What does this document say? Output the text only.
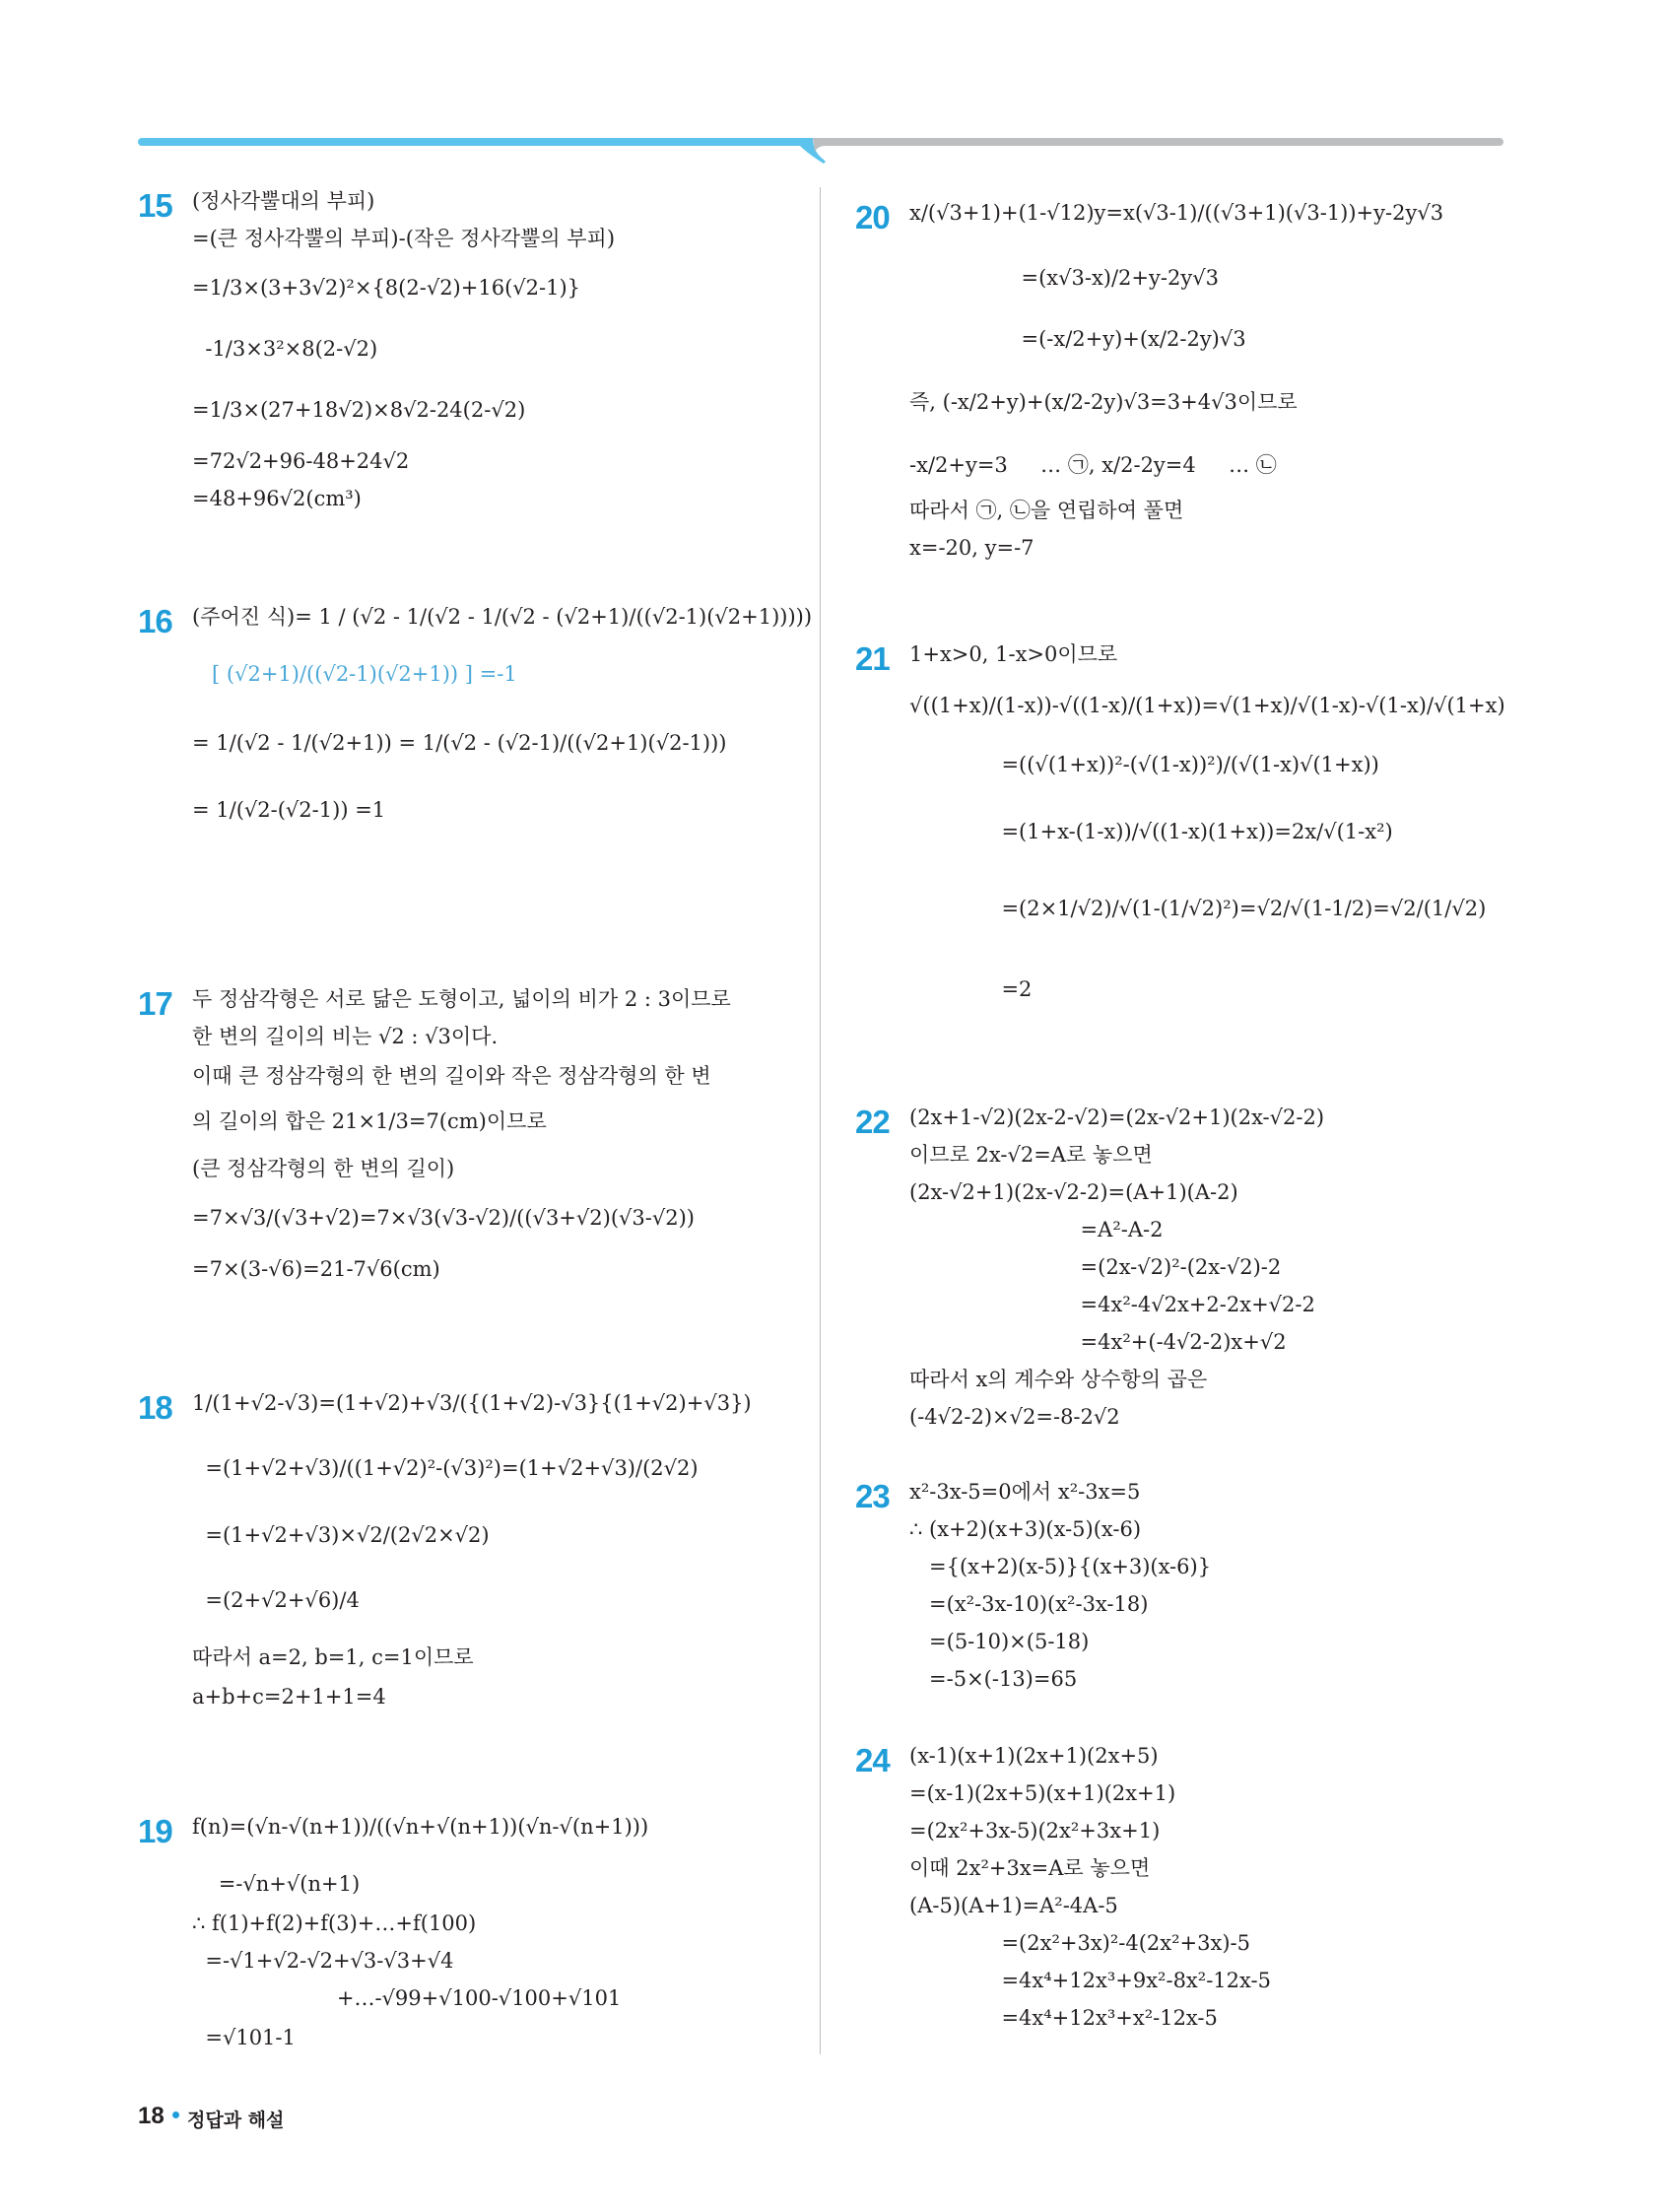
15 (정사각뿔대의 부피)
=(큰 정사각뿔의 부피)-(작은 정사각뿔의 부피)
=1/3×(3+3√2)²×{8(2-√2)+16(√2-1)}
-1/3×3²×8(2-√2)
=1/3×(27+18√2)×8√2-24(2-√2)
=72√2+96-48+24√2
=48+96√2(cm³)
16 (주어진 식)= 1 / (√2 - 1/(√2 - 1/(√2 - (√2+1)/((√2-1)(√2+1)))))
[ (√2+1)/((√2-1)(√2+1)) ] =-1
= 1/(√2 - 1/(√2+1)) = 1/(√2 - (√2-1)/((√2+1)(√2-1)))
= 1/(√2-(√2-1)) =1
17 두 정삼각형은 서로 닮은 도형이고, 넓이의 비가 2 : 3이므로
한 변의 길이의 비는 √2 : √3이다.
이때 큰 정삼각형의 한 변의 길이와 작은 정삼각형의 한 변
의 길이의 합은 21×1/3=7(cm)이므로
(큰 정삼각형의 한 변의 길이)
=7×√3/(√3+√2)=7×√3(√3-√2)/((√3+√2)(√3-√2))
=7×(3-√6)=21-7√6(cm)
18 1/(1+√2-√3)=(1+√2)+√3/({(1+√2)-√3}{(1+√2)+√3})
=(1+√2+√3)/((1+√2)²-(√3)²)=(1+√2+√3)/(2√2)
=(1+√2+√3)×√2/(2√2×√2)
=(2+√2+√6)/4
따라서 a=2, b=1, c=1이므로
a+b+c=2+1+1=4
19 f(n)=(√n-√(n+1))/((√n+√(n+1))(√n-√(n+1)))
=-√n+√(n+1)
∴ f(1)+f(2)+f(3)+…+f(100)
=-√1+√2-√2+√3-√3+√4
+…-√99+√100-√100+√101
=√101-1
20 x/(√3+1)+(1-√12)y=x(√3-1)/((√3+1)(√3-1))+y-2y√3
=(x√3-x)/2+y-2y√3
=(-x/2+y)+(x/2-2y)√3
즉, (-x/2+y)+(x/2-2y)√3=3+4√3이므로
-x/2+y=3     … ㉠, x/2-2y=4     … ㉡
따라서 ㉠, ㉡을 연립하여 풀면
x=-20, y=-7
21 1+x>0, 1-x>0이므로
√((1+x)/(1-x))-√((1-x)/(1+x))=√(1+x)/√(1-x)-√(1-x)/√(1+x)
=((√(1+x))²-(√(1-x))²)/(√(1-x)√(1+x))
=(1+x-(1-x))/√((1-x)(1+x))=2x/√(1-x²)
=(2×1/√2)/√(1-(1/√2)²)=√2/√(1-1/2)=√2/(1/√2)
=2
22 (2x+1-√2)(2x-2-√2)=(2x-√2+1)(2x-√2-2)
이므로 2x-√2=A로 놓으면
(2x-√2+1)(2x-√2-2)=(A+1)(A-2)
=A²-A-2
=(2x-√2)²-(2x-√2)-2
=4x²-4√2x+2-2x+√2-2
=4x²+(-4√2-2)x+√2
따라서 x의 계수와 상수항의 곱은
(-4√2-2)×√2=-8-2√2
23 x²-3x-5=0에서 x²-3x=5
∴ (x+2)(x+3)(x-5)(x-6)
={(x+2)(x-5)}{(x+3)(x-6)}
=(x²-3x-10)(x²-3x-18)
=(5-10)×(5-18)
=-5×(-13)=65
24 (x-1)(x+1)(2x+1)(2x+5)
=(x-1)(2x+5)(x+1)(2x+1)
=(2x²+3x-5)(2x²+3x+1)
이때 2x²+3x=A로 놓으면
(A-5)(A+1)=A²-4A-5
=(2x²+3x)²-4(2x²+3x)-5
=4x⁴+12x³+9x²-8x²-12x-5
=4x⁴+12x³+x²-12x-5
18 정답과 해설
